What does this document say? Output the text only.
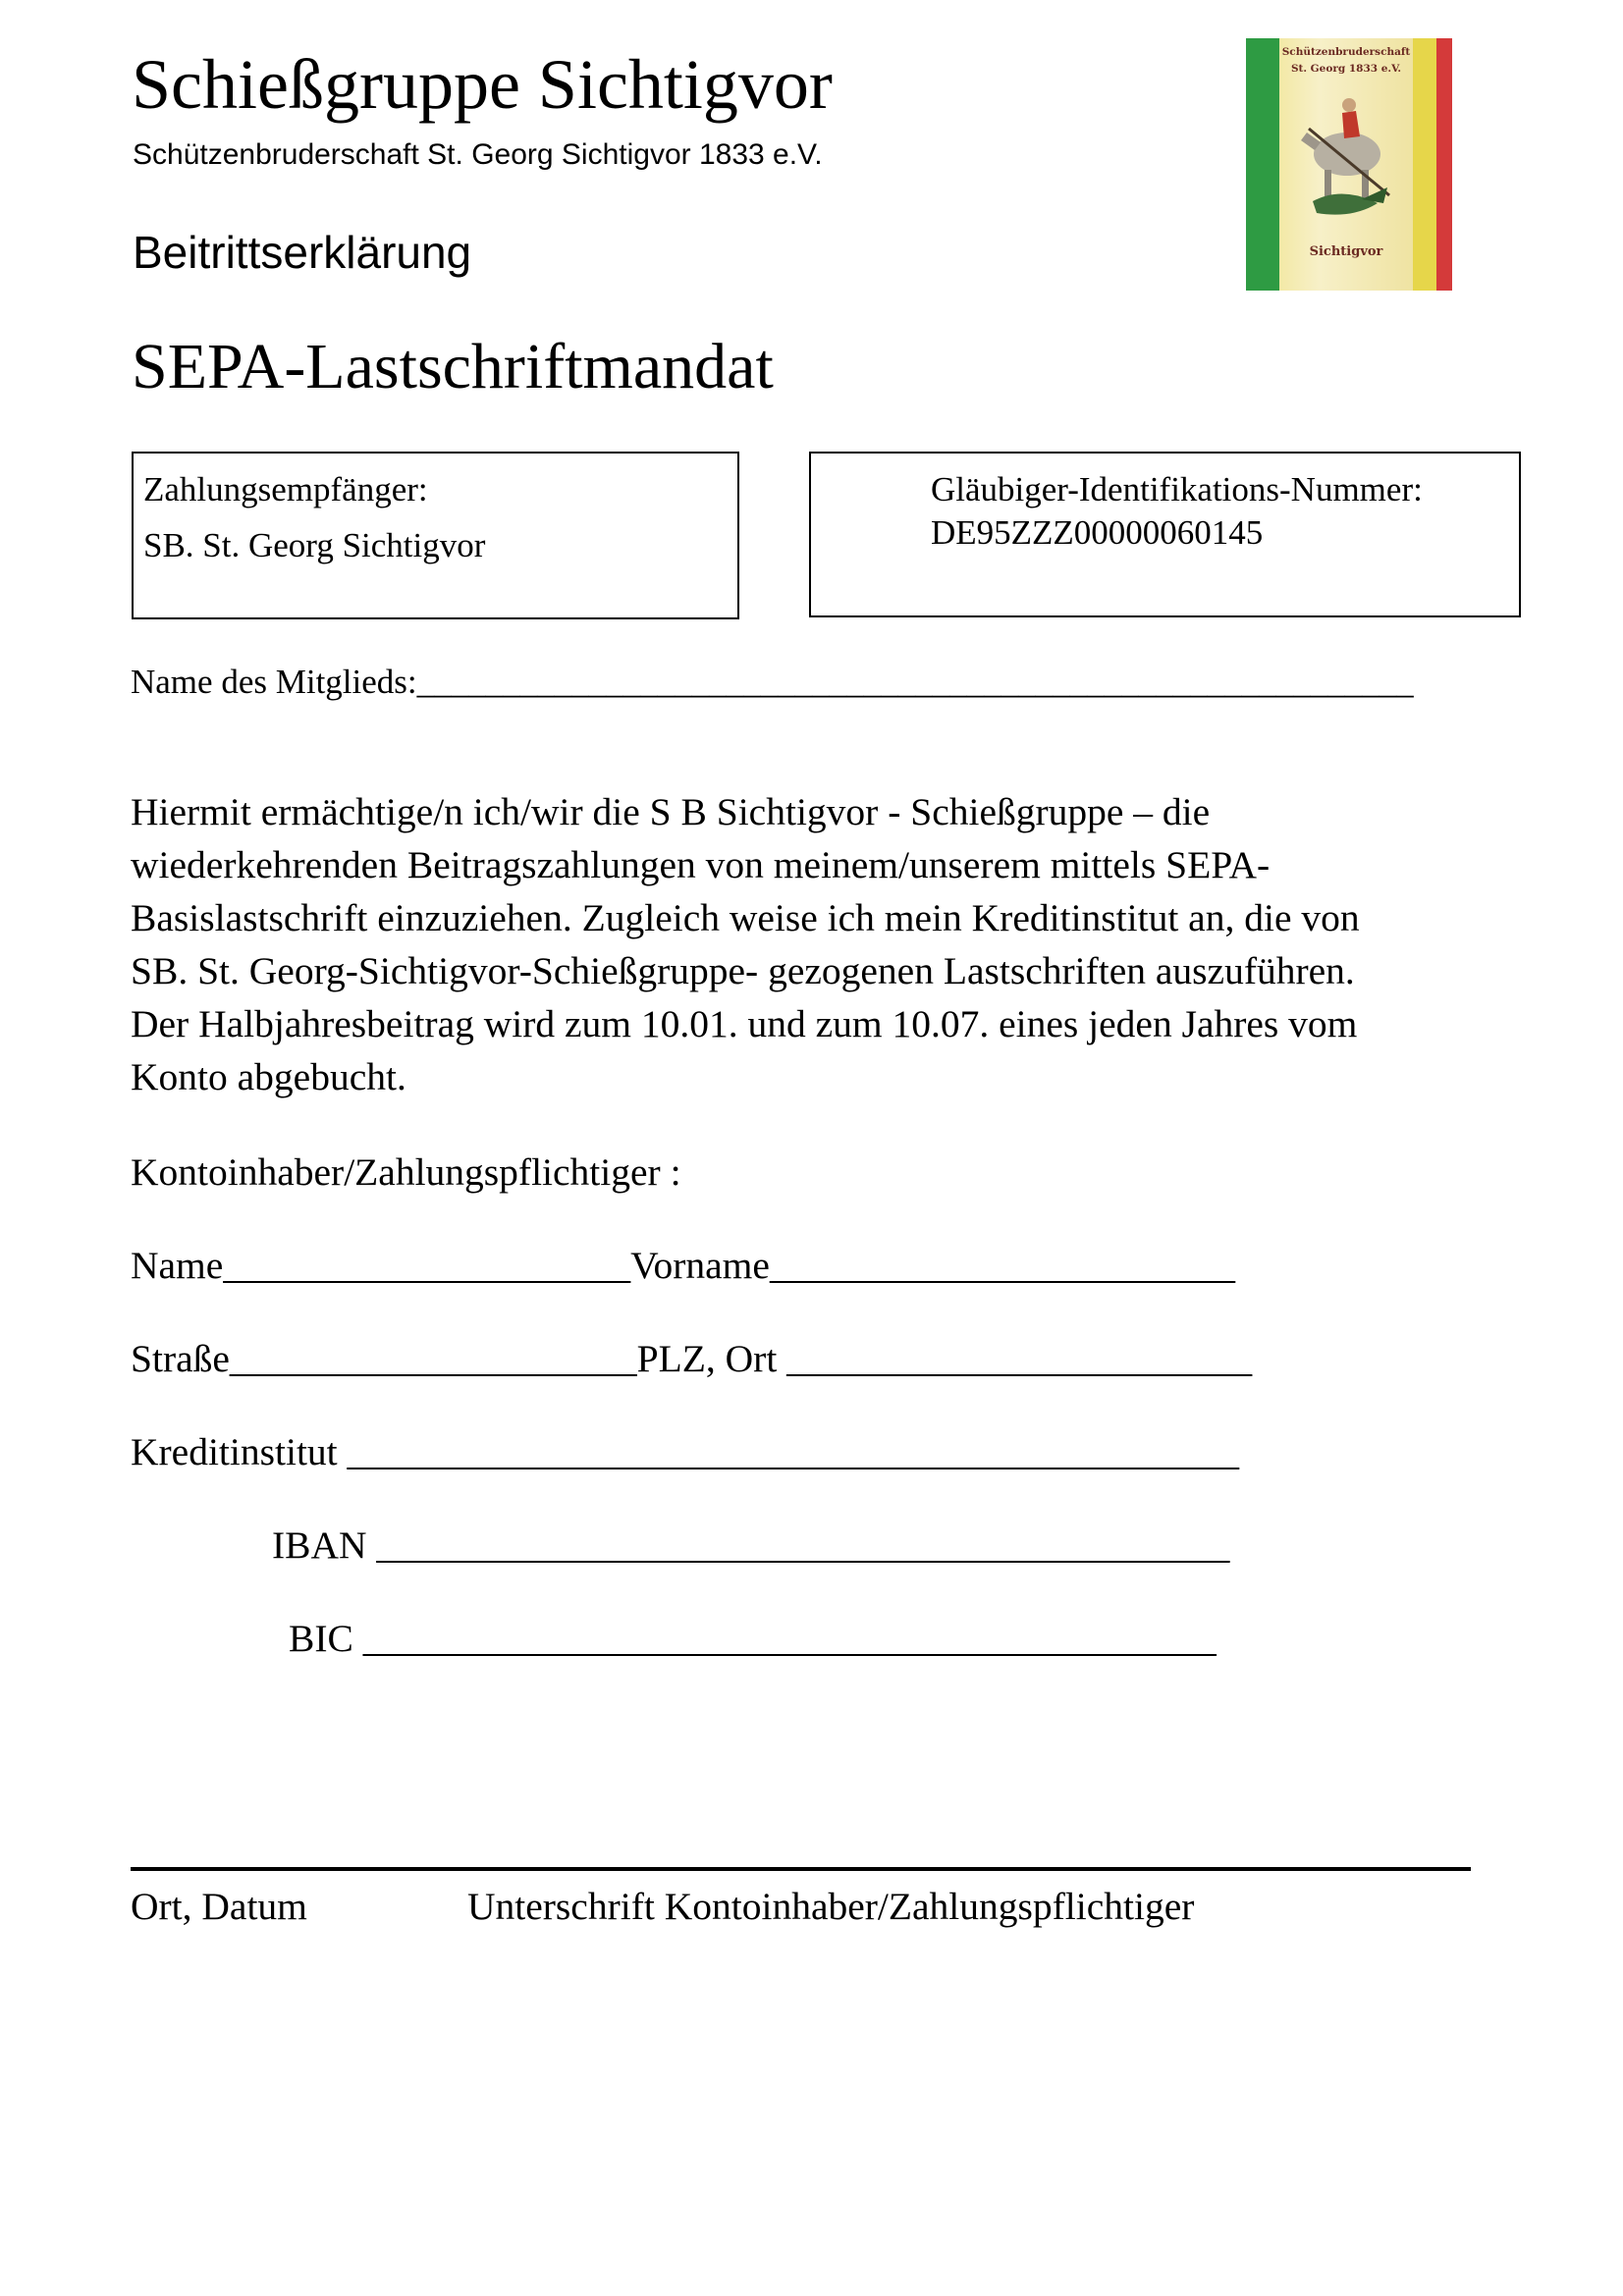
Schießgruppe Sichtigvor
Schützenbruderschaft St. Georg Sichtigvor 1833 e.V.
Beitrittserklärung
SEPA-Lastschriftmandat
Schützenbruderschaft
St. Georg 1833 e.V.
Sichtigvor
Zahlungsempfänger:
SB. St. Georg Sichtigvor
Gläubiger-Identifikations-Nummer:
DE95ZZZ00000060145
Name des Mitglieds:__________________________________________________________
Hiermit ermächtige/n ich/wir die S B Sichtigvor - Schießgruppe – die
wiederkehrenden Beitragszahlungen von meinem/unserem mittels SEPA-
Basislastschrift einzuziehen. Zugleich weise ich mein Kreditinstitut an, die von
SB. St. Georg-Sichtigvor-Schießgruppe- gezogenen Lastschriften auszuführen.
Der Halbjahresbeitrag wird zum 10.01. und zum 10.07. eines jeden Jahres vom
Konto abgebucht.
Kontoinhaber/Zahlungspflichtiger :
Name_____________________Vorname________________________
Straße_____________________PLZ, Ort ________________________
Kreditinstitut ______________________________________________
IBAN ____________________________________________
BIC ____________________________________________
Ort, Datum	Unterschrift Kontoinhaber/Zahlungspflichtiger
